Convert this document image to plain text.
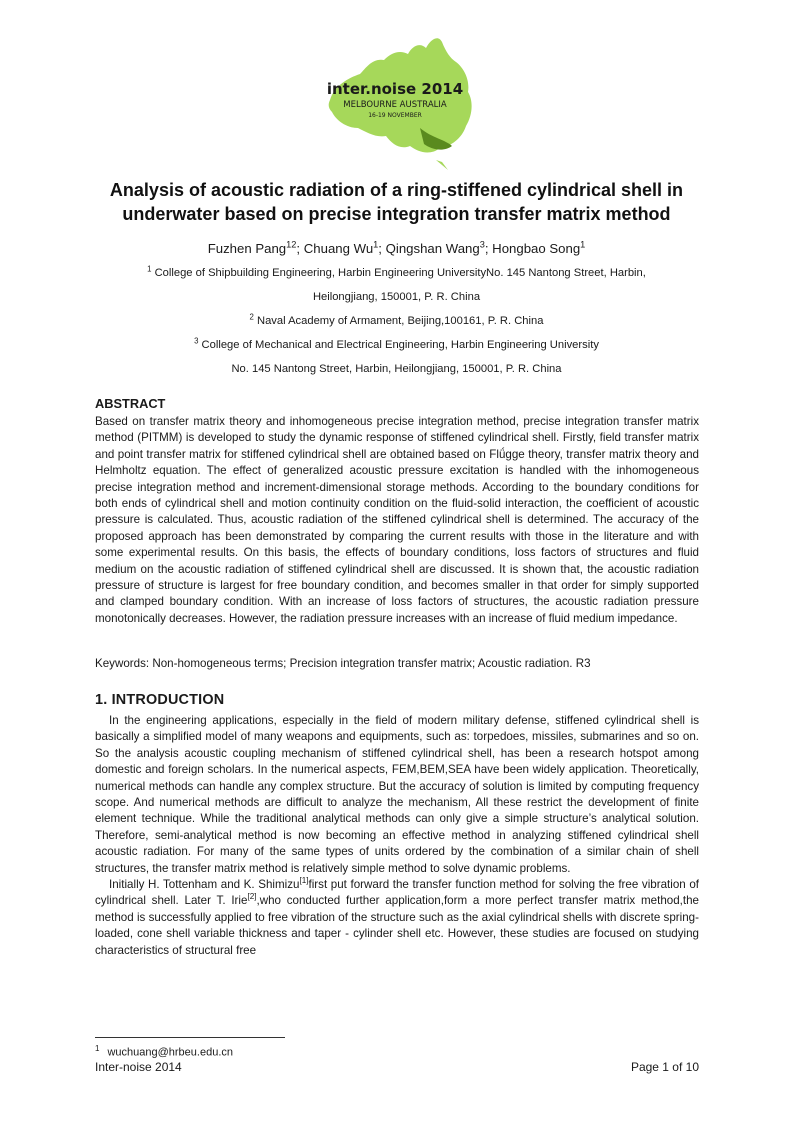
inter.noise 2014
MELBOURNE AUSTRALIA
16-19 NOVEMBER
Analysis of acoustic radiation of a ring-stiffened cylindrical shell in
underwater based on precise integration transfer matrix method
Fuzhen Pang$^{12}$; Chuang Wu$^1$; Qingshan Wang$^3$; Hongbao Song$^1$
$^1$ College of Shipbuilding Engineering, Harbin Engineering UniversityNo. 145 Nantong Street, Harbin,
Heilongjiang, 150001, P. R. China
$^2$ Naval Academy of Armament, Beijing,100161, P. R. China
$^3$ College of Mechanical and Electrical Engineering, Harbin Engineering University
No. 145 Nantong Street, Harbin, Heilongjiang, 150001, P. R. China
ABSTRACT
Based on transfer matrix theory and inhomogeneous precise integration method, precise integration transfer matrix method (PITMM) is developed to study the dynamic response of stiffened cylindrical shell. Firstly, field transfer matrix and point transfer matrix for stiffened cylindrical shell are obtained based on Flǘgge theory, transfer matrix theory and Helmholtz equation. The effect of generalized acoustic pressure excitation is handled with the inhomogeneous precise integration method and increment-dimensional storage methods. According to the boundary conditions for both ends of cylindrical shell and motion continuity condition on the fluid-solid interaction, the coefficient of acoustic pressure is calculated. Thus, acoustic radiation of the stiffened cylindrical shell is determined. The accuracy of the proposed approach has been demonstrated by comparing the current results with those in the literature and with some experimental results. On this basis, the effects of boundary conditions, loss factors of structures and fluid medium on the acoustic radiation of stiffened cylindrical shell are discussed. It is shown that, the acoustic radiation pressure of structure is largest for free boundary condition, and becomes smaller in that order for simply supported and clamped boundary condition. With an increase of loss factors of structures, the acoustic radiation pressure monotonically decreases. However, the radiation pressure increases with an increase of fluid medium impedance.
Keywords: Non-homogeneous terms; Precision integration transfer matrix; Acoustic radiation. R3
1. INTRODUCTION

In the engineering applications, especially in the field of modern military defense, stiffened cylindrical shell is basically a simplified model of many weapons and equipments, such as: torpedoes, missiles, submarines and so on. So the analysis acoustic coupling mechanism of stiffened cylindrical shell, has been a research hotspot among domestic and foreign scholars. In the numerical aspects, FEM,BEM,SEA have been widely application. Theoretically, numerical methods can handle any complex structure. But the accuracy of solution is limited by computing frequency scope. And numerical methods are difficult to analyze the mechanism, All these restrict the development of finite element technique. While the traditional analytical methods can only give a simple structure’s analytical solution. Therefore, semi-analytical method is now becoming an effective method in analyzing stiffened cylindrical shell acoustic radiation. For many of the same types of units ordered by the combination of a similar chain of shell structures, the transfer matrix method is relatively simple method to solve dynamic problems.

Initially H. Tottenham and K. Shimizu[1]first put forward the transfer function method for solving the free vibration of cylindrical shell. Later T. Irie[2],who conducted further application,form a more perfect transfer matrix method,the method is successfully applied to free vibration of the structure such as the axial cylindrical shells with discrete spring-loaded, cone shell variable thickness and taper - cylinder shell etc. However, these studies are focused on studying characteristics of structural free

$^1$ wuchuang@hrbeu.edu.cn
Inter-noise 2014	Page 1 of 10
